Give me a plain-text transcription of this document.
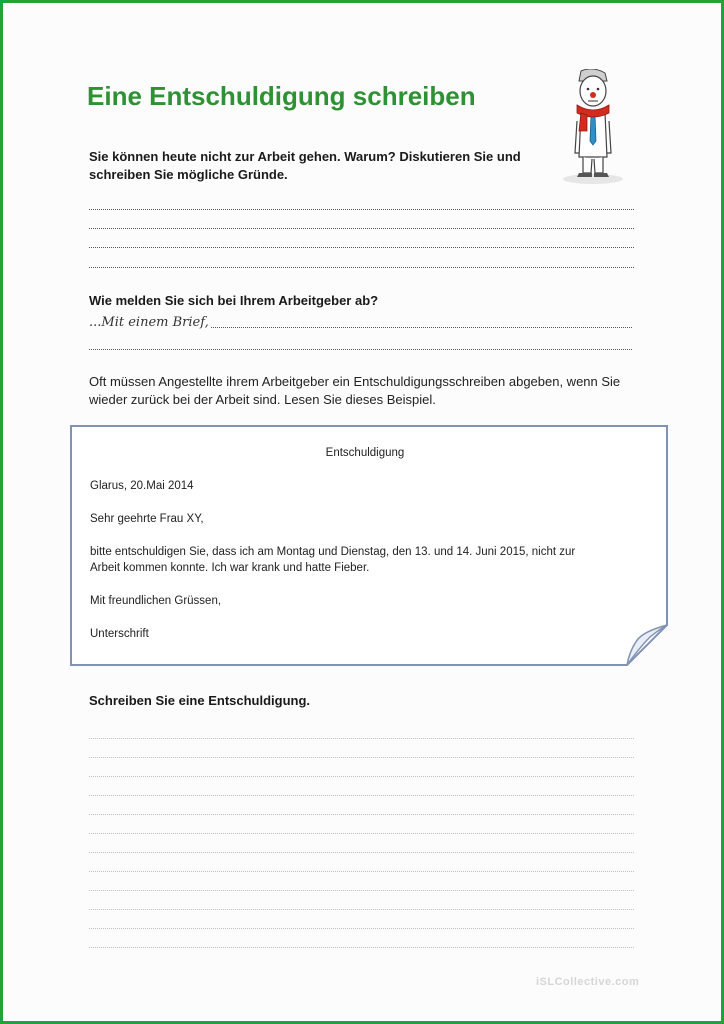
Eine Entschuldigung schreiben
Sie können heute nicht zur Arbeit gehen. Warum? Diskutieren Sie und schreiben Sie mögliche Gründe.
Wie melden Sie sich bei Ihrem Arbeitgeber ab?
...Mit einem Brief,
Oft müssen Angestellte ihrem Arbeitgeber ein Entschuldigungsschreiben abgeben, wenn Sie wieder zurück bei der Arbeit sind. Lesen Sie dieses Beispiel.
Entschuldigung
Glarus, 20.Mai 2014
Sehr geehrte Frau XY,
bitte entschuldigen Sie, dass ich am Montag und Dienstag, den 13. und 14. Juni 2015, nicht zur
Arbeit kommen konnte. Ich war krank und hatte Fieber.
Mit freundlichen Grüssen,
Unterschrift
Schreiben Sie eine Entschuldigung.
iSLCollective.com
